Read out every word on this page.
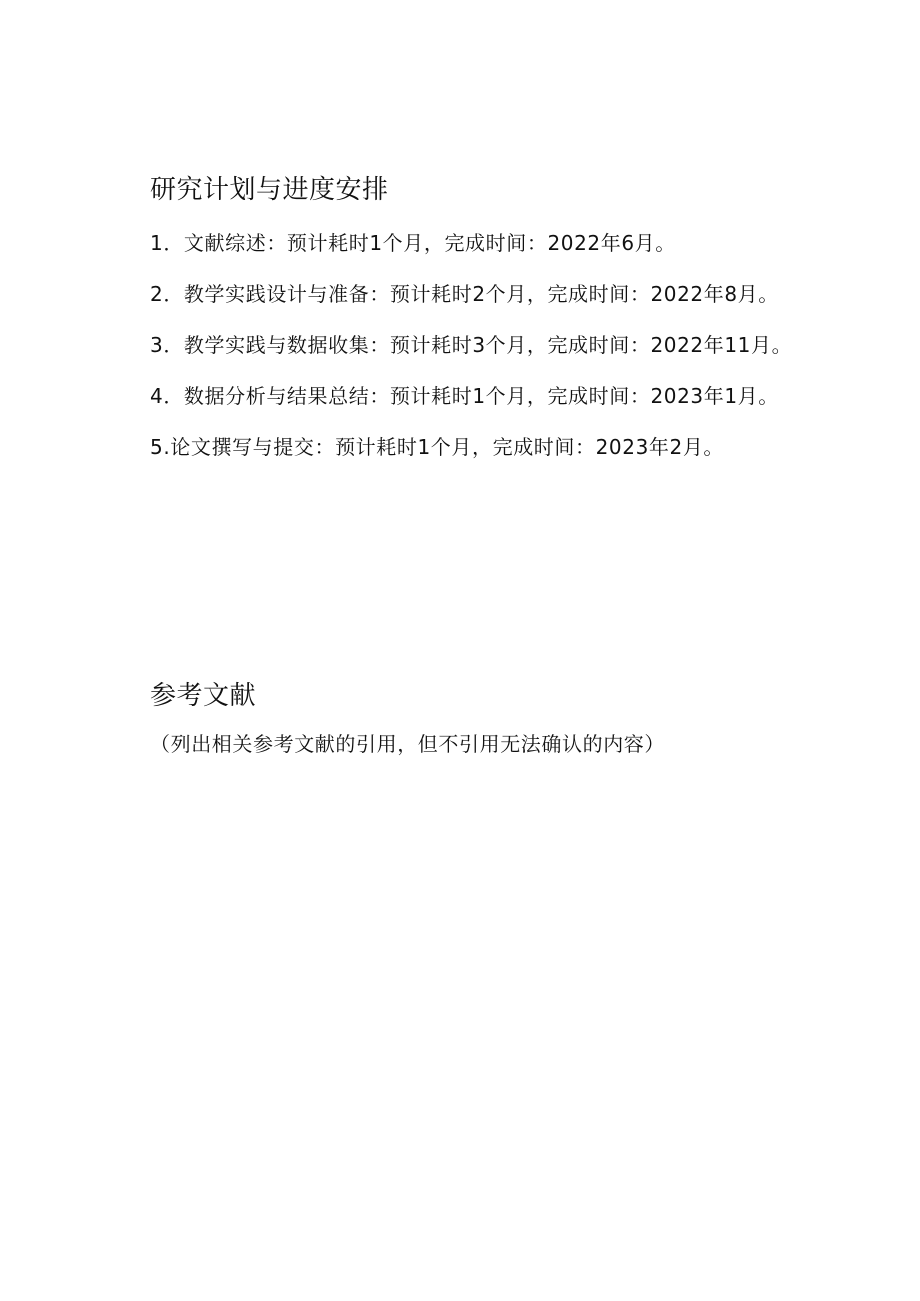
研究计划与进度安排

1．文献综述：预计耗时1个月，完成时间：2022年6月。

2．教学实践设计与准备：预计耗时2个月，完成时间：2022年8月。

3．教学实践与数据收集：预计耗时3个月，完成时间：2022年11月。

4．数据分析与结果总结：预计耗时1个月，完成时间：2023年1月。

5.论文撰写与提交：预计耗时1个月，完成时间：2023年2月。

参考文献

（列出相关参考文献的引用，但不引用无法确认的内容）
